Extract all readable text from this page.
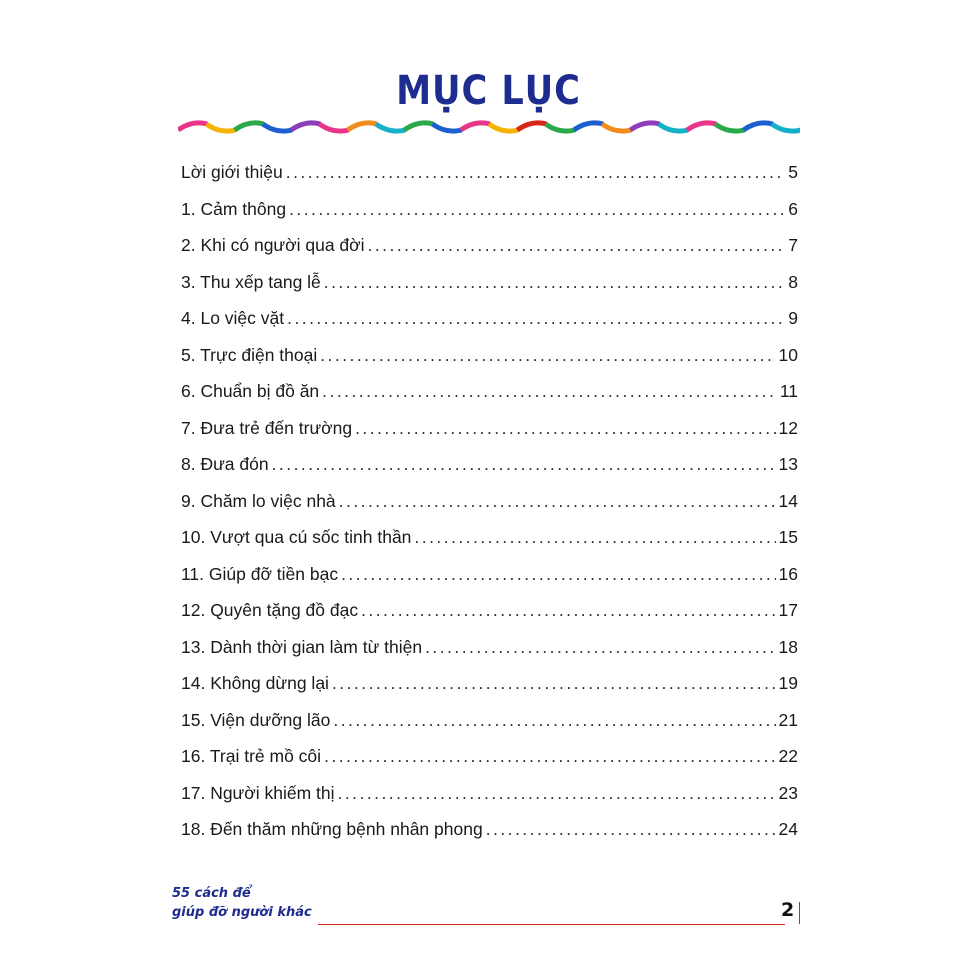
MỤC LỤC
Lời giới thiệu . . .	5
1. Cảm thông . . .	6
2. Khi có người qua đời . . .	7
3. Thu xếp tang lễ . . .	8
4. Lo việc vặt . . .	9
5. Trực điện thoại . . .	10
6. Chuẩn bị đồ ăn . . .	11
7. Đưa trẻ đến trường . . .	12
8. Đưa đón . . .	13
9. Chăm lo việc nhà . . .	14
10. Vượt qua cú sốc tinh thần . . .	15
11. Giúp đỡ tiền bạc . . .	16
12. Quyên tặng đồ đạc . . .	17
13. Dành thời gian làm từ thiện . . .	18
14. Không dừng lại . . .	19
15. Viện dưỡng lão . . .	21
16. Trại trẻ mồ côi . . .	22
17. Người khiếm thị . . .	23
18. Đến thăm những bệnh nhân phong . . .	24
55 cách để
giúp đỡ người khác	2
